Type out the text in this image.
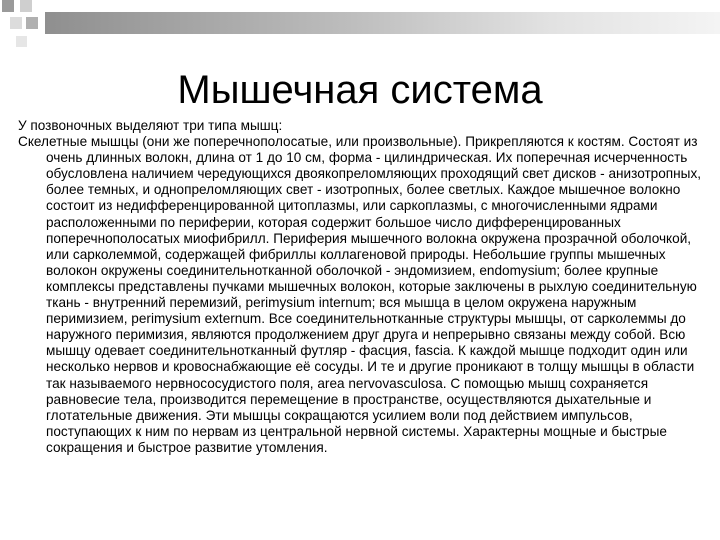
Мышечная система

У позвоночных выделяют три типа мышц:

Скелетные мышцы (они же поперечнополосатые, или произвольные). Прикрепляются к костям. Состоят из очень длинных волокн, длина от 1 до 10 см, форма - цилиндрическая. Их поперечная исчерченность обусловлена наличием чередующихся двоякопреломляющих проходящий свет дисков - анизотропных, более темных, и однопреломляющих свет - изотропных, более светлых. Каждое мышечное волокно состоит из недифференцированной цитоплазмы, или саркоплазмы, с многочисленными ядрами расположенными по периферии, которая содержит большое число дифференцированных поперечнополосатых миофибрилл. Периферия мышечного волокна окружена прозрачной оболочкой, или сарколеммой, содержащей фибриллы коллагеновой природы. Небольшие группы мышечных волокон окружены соединительнотканной оболочкой - эндомизием, endomysium; более крупные комплексы представлены пучками мышечных волокон, которые заключены в рыхлую соединительную ткань - внутренний перемизий, perimysium internum; вся мышца в целом окружена наружным перимизием, perimysium externum. Все соединительнотканные структуры мышцы, от сарколеммы до наружного перимизия, являются продолжением друг друга и непрерывно связаны между собой. Всю мышцу одевает соединительнотканный футляр - фасция, fascia. К каждой мышце подходит один или несколько нервов и кровоснабжающие её сосуды. И те и другие проникают в толщу мышцы в области так называемого нервнососудистого поля, area nervovasculosa. С помощью мышц сохраняется равновесие тела, производится перемещение в пространстве, осуществляются дыхательные и глотательные движения. Эти мышцы сокращаются усилием воли под действием импульсов, поступающих к ним по нервам из центральной нервной системы. Характерны мощные и быстрые сокращения и быстрое развитие утомления.
